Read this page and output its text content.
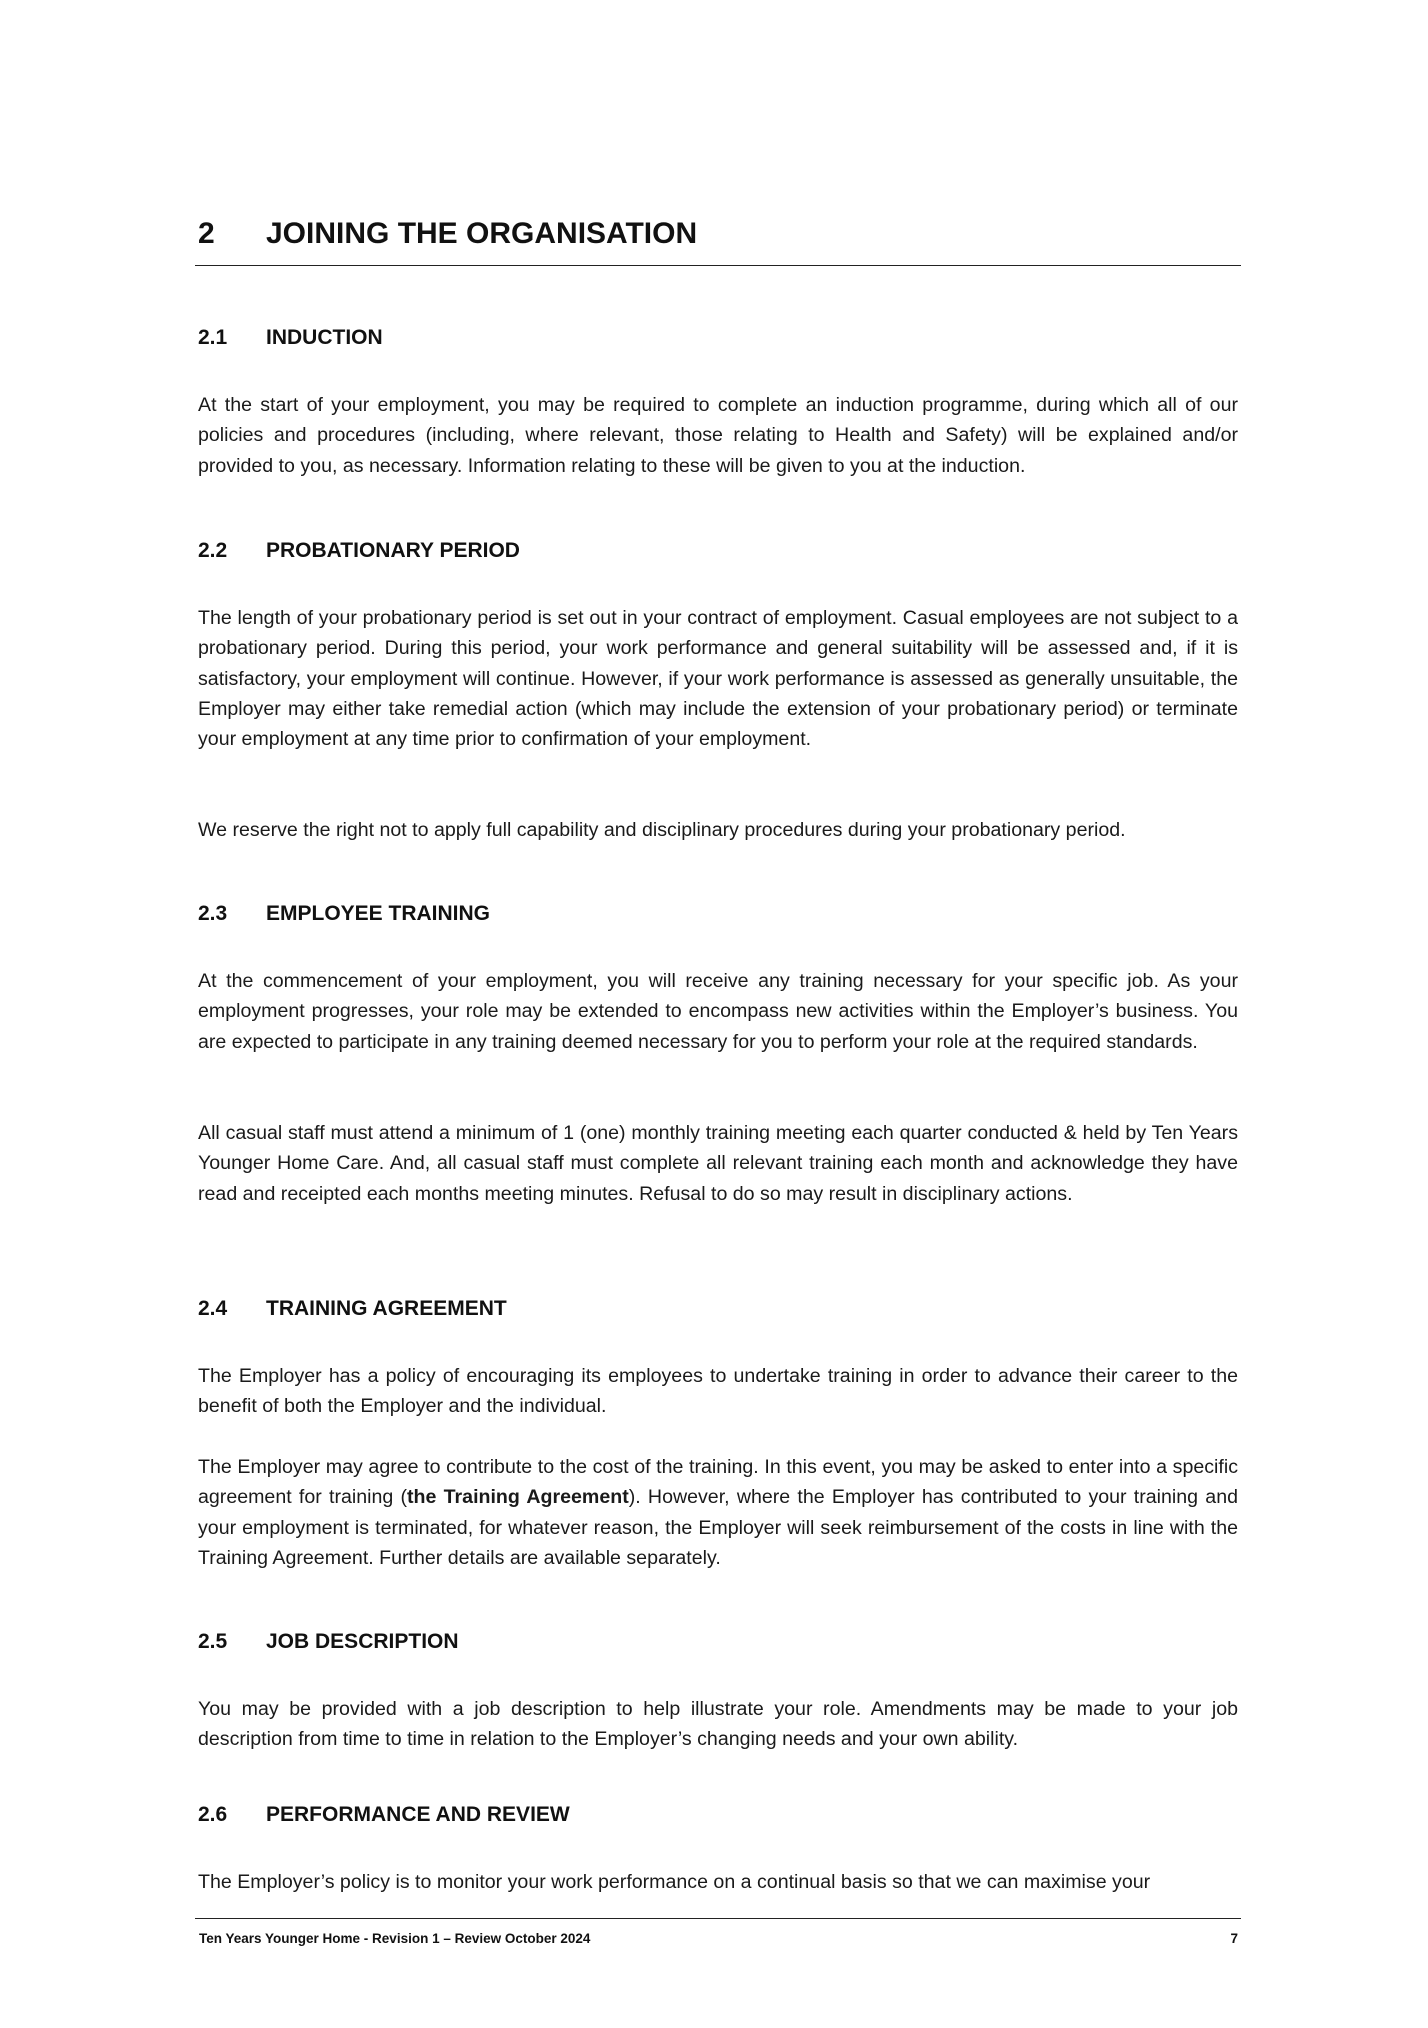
2 JOINING THE ORGANISATION
2.1 INDUCTION

At the start of your employment, you may be required to complete an induction programme, during which all of our policies and procedures (including, where relevant, those relating to Health and Safety) will be explained and/or provided to you, as necessary. Information relating to these will be given to you at the induction.

2.2 PROBATIONARY PERIOD

The length of your probationary period is set out in your contract of employment. Casual employees are not subject to a probationary period. During this period, your work performance and general suitability will be assessed and, if it is satisfactory, your employment will continue. However, if your work performance is assessed as generally unsuitable, the Employer may either take remedial action (which may include the extension of your probationary period) or terminate your employment at any time prior to confirmation of your employment.

We reserve the right not to apply full capability and disciplinary procedures during your probationary period.

2.3 EMPLOYEE TRAINING

At the commencement of your employment, you will receive any training necessary for your specific job. As your employment progresses, your role may be extended to encompass new activities within the Employer’s business. You are expected to participate in any training deemed necessary for you to perform your role at the required standards.

All casual staff must attend a minimum of 1 (one) monthly training meeting each quarter conducted & held by Ten Years Younger Home Care. And, all casual staff must complete all relevant training each month and acknowledge they have read and receipted each months meeting minutes. Refusal to do so may result in disciplinary actions.

2.4 TRAINING AGREEMENT

The Employer has a policy of encouraging its employees to undertake training in order to advance their career to the benefit of both the Employer and the individual.

The Employer may agree to contribute to the cost of the training. In this event, you may be asked to enter into a specific agreement for training (the Training Agreement). However, where the Employer has contributed to your training and your employment is terminated, for whatever reason, the Employer will seek reimbursement of the costs in line with the Training Agreement. Further details are available separately.

2.5 JOB DESCRIPTION

You may be provided with a job description to help illustrate your role. Amendments may be made to your job description from time to time in relation to the Employer’s changing needs and your own ability.

2.6 PERFORMANCE AND REVIEW

The Employer’s policy is to monitor your work performance on a continual basis so that we can maximise your

Ten Years Younger Home - Revision 1 – Review October 2024	7
